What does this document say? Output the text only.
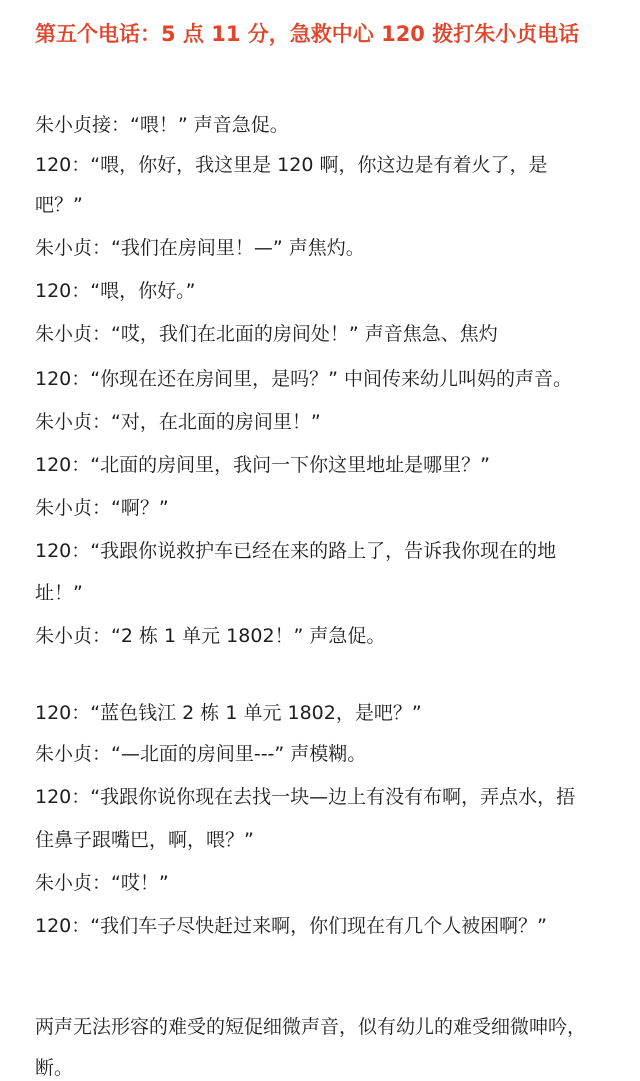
第五个电话：5 点 11 分，急救中心 120 拨打朱小贞电话
朱小贞接：“喂！” 声音急促。
120：“喂，你好，我这里是 120 啊，你这边是有着火了，是
吧？”
朱小贞：“我们在房间里！—” 声焦灼。
120：“喂，你好。”
朱小贞：“哎，我们在北面的房间处！” 声音焦急、焦灼
120：“你现在还在房间里，是吗？” 中间传来幼儿叫妈的声音。
朱小贞：“对，在北面的房间里！”
120：“北面的房间里，我问一下你这里地址是哪里？”
朱小贞：“啊？”
120：“我跟你说救护车已经在来的路上了，告诉我你现在的地
址！”
朱小贞：“2 栋 1 单元 1802！” 声急促。
120：“蓝色钱江 2 栋 1 单元 1802，是吧？”
朱小贞：“—北面的房间里---” 声模糊。
120：“我跟你说你现在去找一块—边上有没有布啊，弄点水，捂
住鼻子跟嘴巴，啊，喂？”
朱小贞：“哎！”
120：“我们车子尽快赶过来啊，你们现在有几个人被困啊？”
两声无法形容的难受的短促细微声音，似有幼儿的难受细微呻吟，
断。
